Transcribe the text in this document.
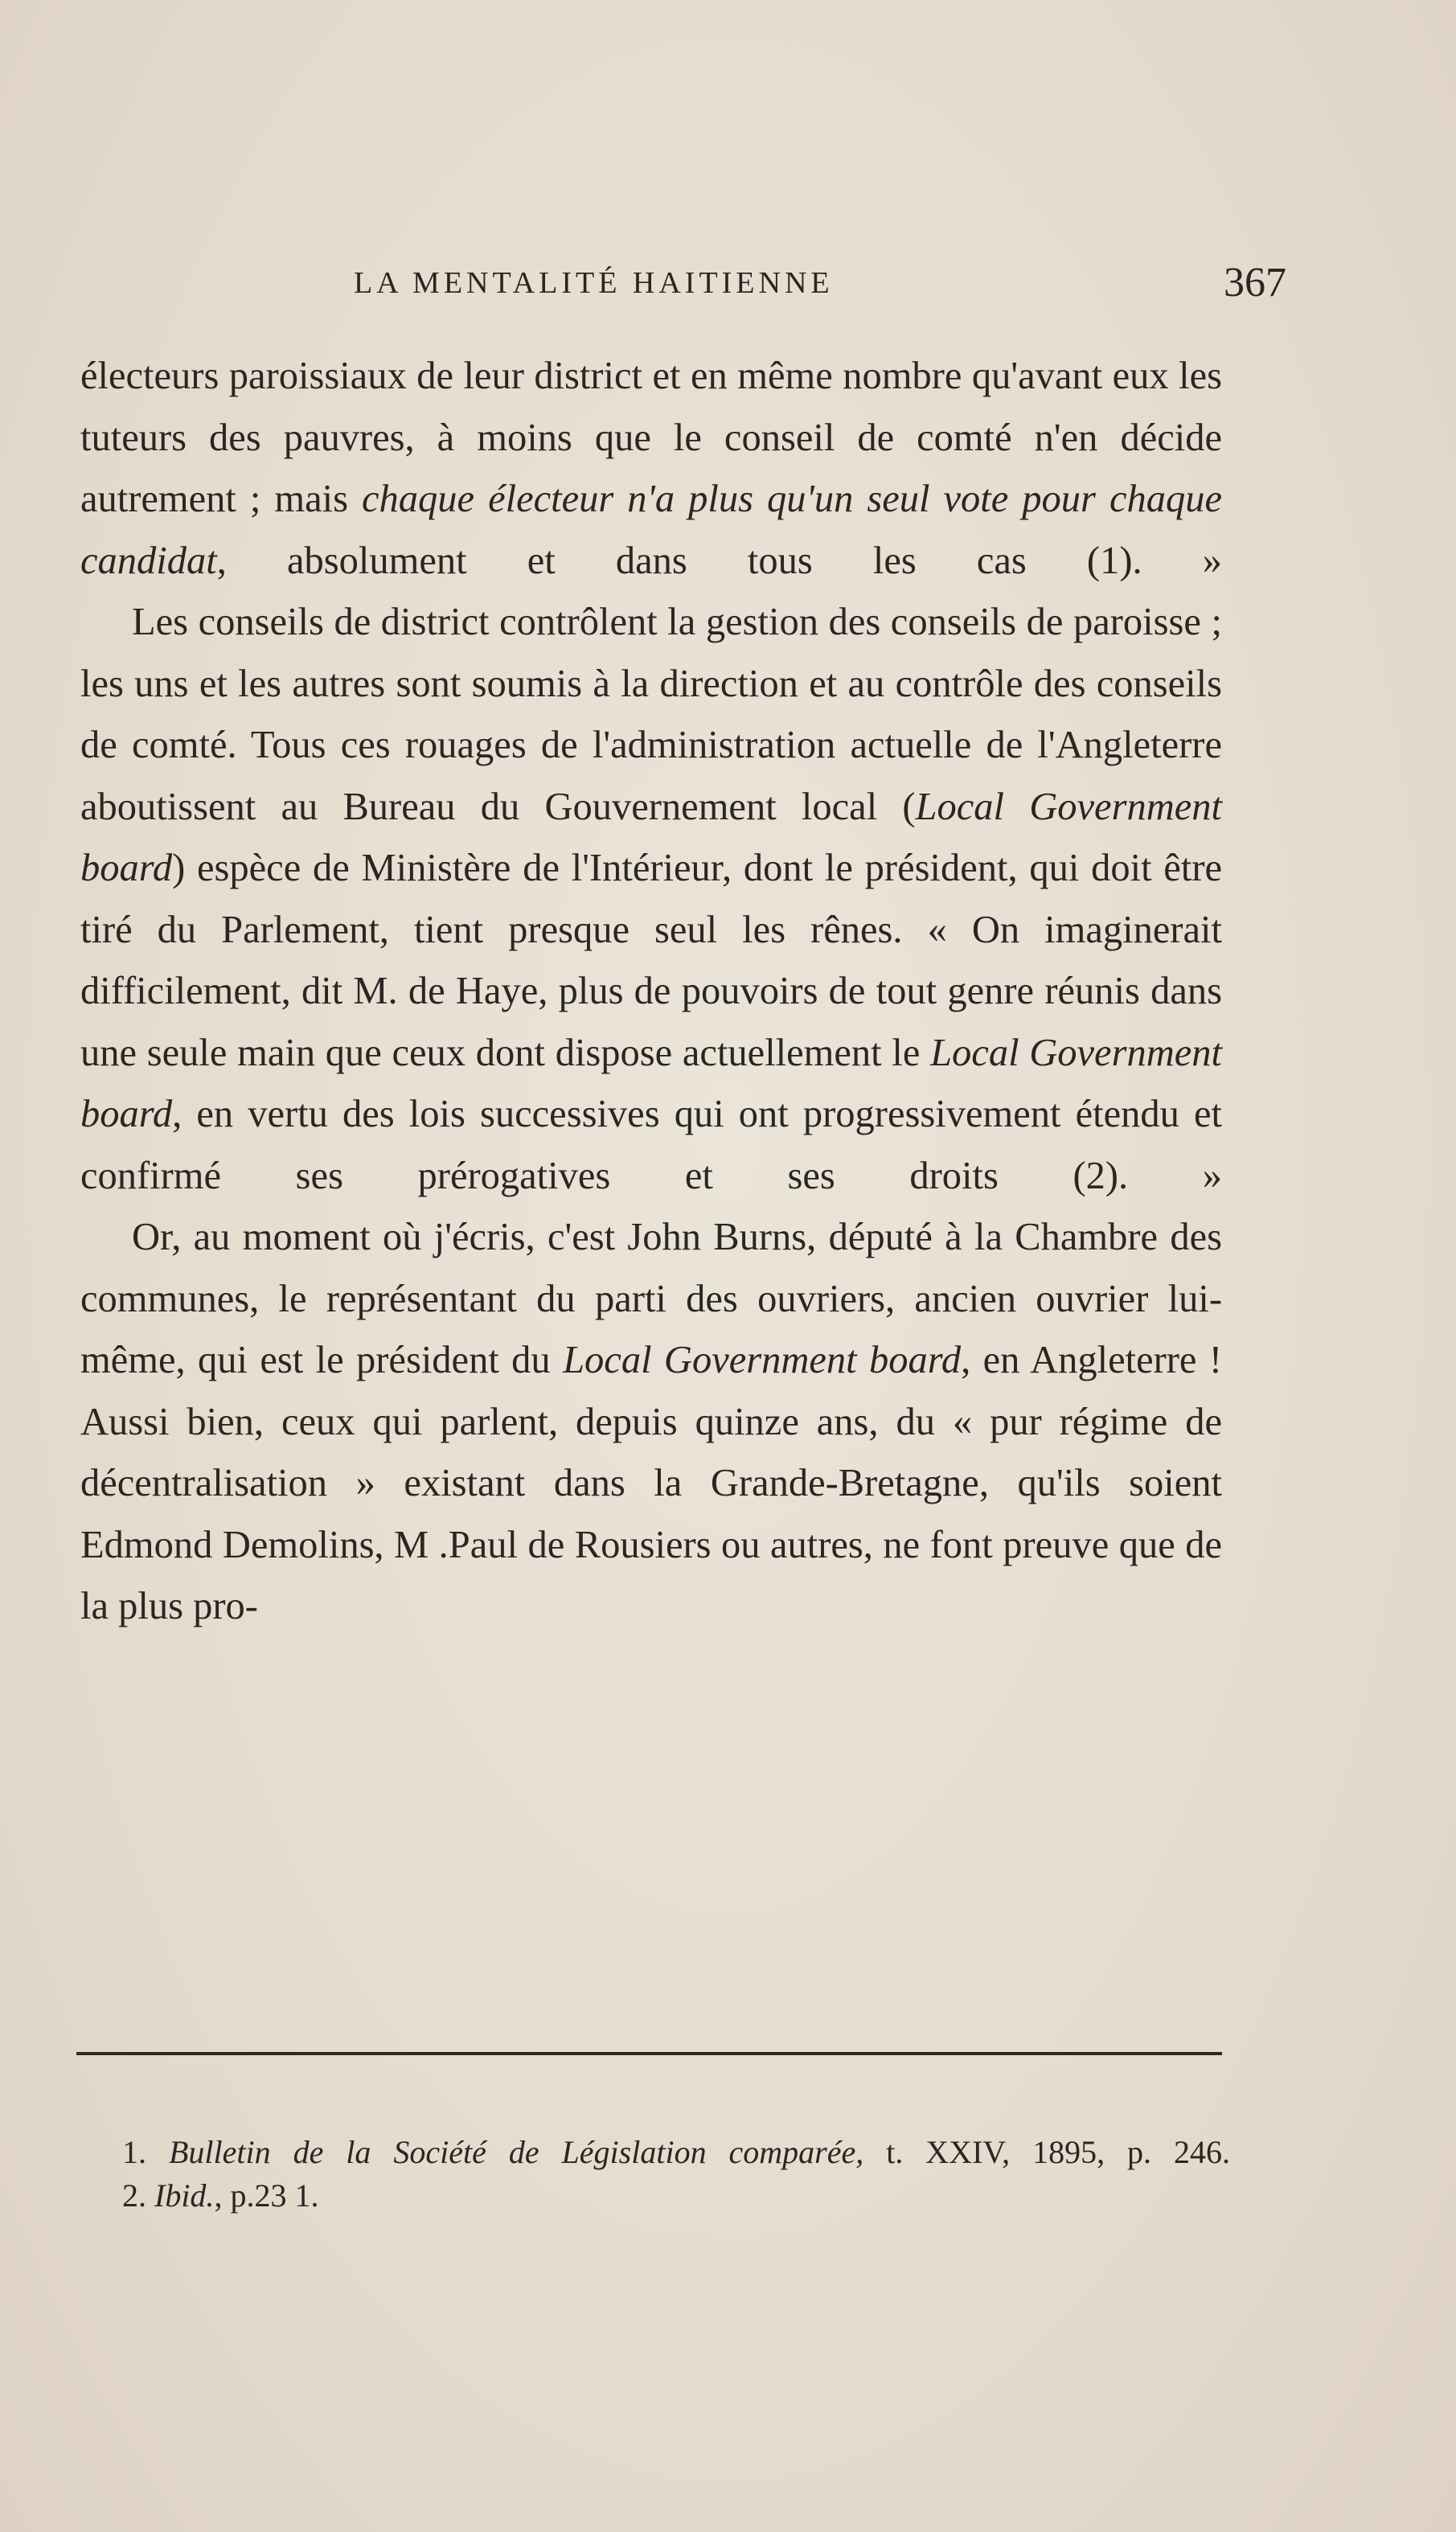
LA MENTALITÉ HAITIENNE	367

électeurs paroissiaux de leur district et en même nombre qu'avant eux les tuteurs des pauvres, à moins que le conseil de comté n'en décide autrement ; mais chaque électeur n'a plus qu'un seul vote pour chaque candidat, absolument et dans tous les cas (1). »

Les conseils de district contrôlent la gestion des conseils de paroisse ; les uns et les autres sont soumis à la direction et au contrôle des conseils de comté. Tous ces rouages de l'administration actuelle de l'Angleterre aboutissent au Bureau du Gouvernement local (Local Government board) espèce de Ministère de l'Intérieur, dont le président, qui doit être tiré du Parlement, tient presque seul les rênes. « On imaginerait difficilement, dit M. de Haye, plus de pouvoirs de tout genre réunis dans une seule main que ceux dont dispose actuellement le Local Government board, en vertu des lois successives qui ont progressivement étendu et confirmé ses prérogatives et ses droits (2). »

Or, au moment où j'écris, c'est John Burns, député à la Chambre des communes, le représentant du parti des ouvriers, ancien ouvrier lui-même, qui est le président du Local Government board, en Angleterre ! Aussi bien, ceux qui parlent, depuis quinze ans, du « pur régime de décentralisation » existant dans la Grande-Bretagne, qu'ils soient Edmond Demolins, M .Paul de Rousiers ou autres, ne font preuve que de la plus pro-

1. Bulletin de la Société de Législation comparée, t. XXIV, 1895, p. 246.

2. Ibid., p.23 1.
